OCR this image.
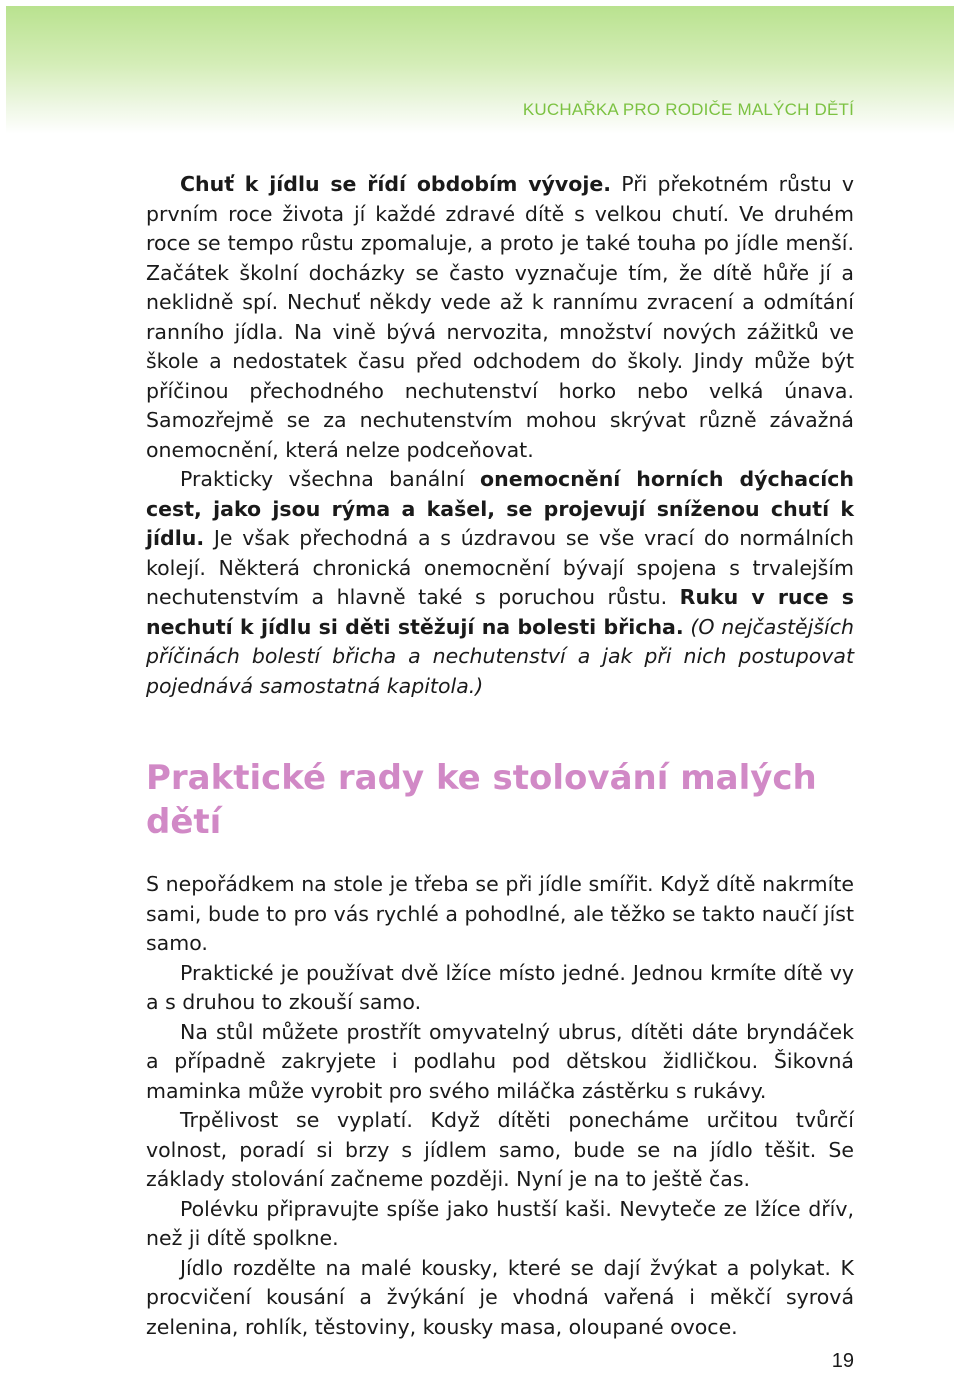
KUCHAŘKA PRO RODIČE MALÝCH DĚTÍ

Chuť k jídlu se řídí obdobím vývoje. Při překotném růstu v prvním roce života jí každé zdravé dítě s velkou chutí. Ve druhém roce se tempo růstu zpomaluje, a proto je také touha po jídle menší. Začátek školní docházky se často vyznačuje tím, že dítě hůře jí a neklidně spí. Nechuť někdy vede až k rannímu zvracení a odmítání ranního jídla. Na vině bývá nervozita, množství nových zážitků ve škole a nedostatek času před odchodem do školy. Jindy může být příčinou přechodného nechutenství horko nebo velká únava. Samozřejmě se za nechutenstvím mohou skrývat různě závažná onemocnění, která nelze podceňovat.

Prakticky všechna banální onemocnění horních dýchacích cest, jako jsou rýma a kašel, se projevují sníženou chutí k jídlu. Je však přechodná a s úzdravou se vše vrací do normálních kolejí. Některá chronická onemocnění bývají spojena s trvalejším nechutenstvím a hlavně také s poruchou růstu. Ruku v ruce s nechutí k jídlu si děti stěžují na bolesti břicha. (O nejčastějších příčinách bolestí břicha a nechutenství a jak při nich postupovat pojednává samostatná kapitola.)

Praktické rady ke stolování malých dětí

S nepořádkem na stole je třeba se při jídle smířit. Když dítě nakrmíte sami, bude to pro vás rychlé a pohodlné, ale těžko se takto naučí jíst samo.

Praktické je používat dvě lžíce místo jedné. Jednou krmíte dítě vy a s druhou to zkouší samo.

Na stůl můžete prostřít omyvatelný ubrus, dítěti dáte bryndáček a případně zakryjete i podlahu pod dětskou židličkou. Šikovná maminka může vyrobit pro svého miláčka zástěrku s rukávy.

Trpělivost se vyplatí. Když dítěti ponecháme určitou tvůrčí volnost, poradí si brzy s jídlem samo, bude se na jídlo těšit. Se základy stolování začneme později. Nyní je na to ještě čas.

Polévku připravujte spíše jako hustší kaši. Nevyteče ze lžíce dřív, než ji dítě spolkne.

Jídlo rozdělte na malé kousky, které se dají žvýkat a polykat. K procvičení kousání a žvýkání je vhodná vařená i měkčí syrová zelenina, rohlík, těstoviny, kousky masa, oloupané ovoce.

19
